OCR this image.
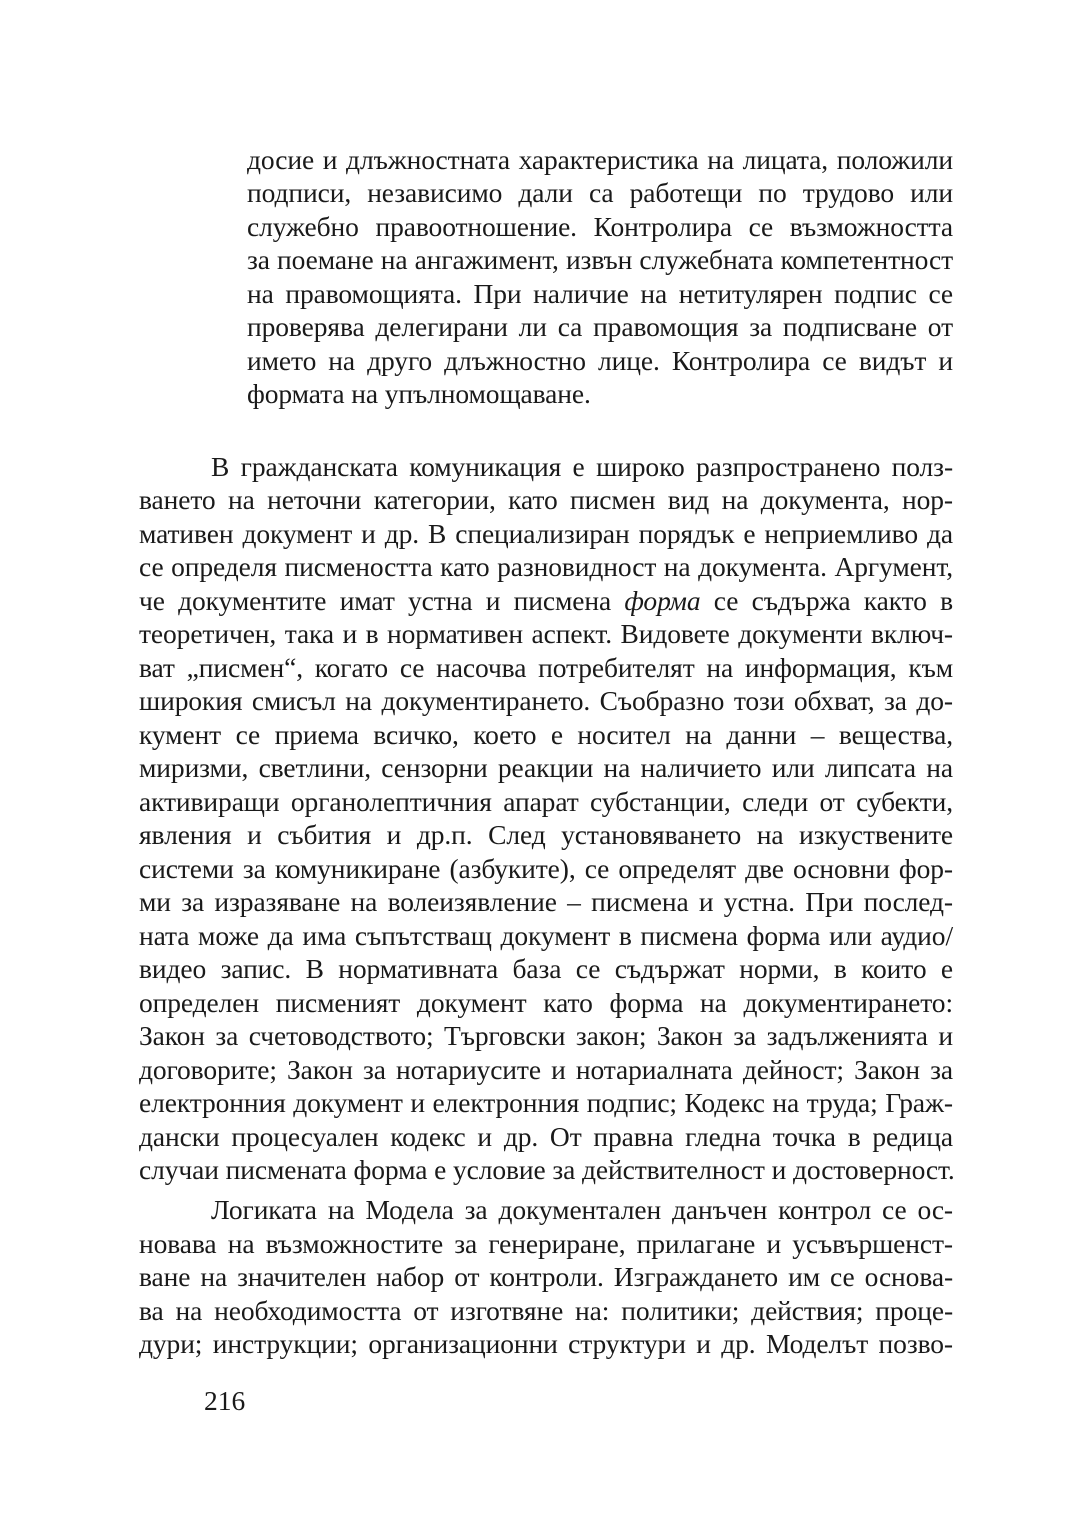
досие и длъжностната характеристика на лицата, положили
подписи, независимо дали са работещи по трудово или
служебно правоотношение. Контролира се възможността
за поемане на ангажимент, извън служебната компетентност
на правомощията. При наличие на нетитулярен подпис се
проверява делегирани ли са правомощия за подписване от
името на друго длъжностно лице. Контролира се видът и
формата на упълномощаване.
В гражданската комуникация е широко разпространено полз-
ването на неточни категории, като писмен вид на документа, нор-
мативен документ и др. В специализиран порядък е неприемливо да
се определя писмеността като разновидност на документа. Аргумент,
че документите имат устна и писмена форма се съдържа както в
теоретичен, така и в нормативен аспект. Видовете документи включ-
ват „писмен“, когато се насочва потребителят на информация, към
широкия смисъл на документирането. Съобразно този обхват, за до-
кумент се приема всичко, което е носител на данни – вещества,
миризми, светлини, сензорни реакции на наличието или липсата на
активиращи органолептичния апарат субстанции, следи от субекти,
явления и събития и др.п. След установяването на изкуствените
системи за комуникиране (азбуките), се определят две основни фор-
ми за изразяване на волеизявление – писмена и устна. При послед-
ната може да има съпътстващ документ в писмена форма или аудио/
видео запис. В нормативната база се съдържат норми, в които е
определен писменият документ като форма на документирането:
Закон за счетоводството; Търговски закон; Закон за задълженията и
договорите; Закон за нотариусите и нотариалната дейност; Закон за
електронния документ и електронния подпис; Кодекс на труда; Граж-
дански процесуален кодекс и др. От правна гледна точка в редица
случаи писмената форма е условие за действителност и достоверност.
Логиката на Модела за документален данъчен контрол се ос-
новава на възможностите за генериране, прилагане и усъвършенст-
ване на значителен набор от контроли. Изграждането им се основа-
ва на необходимостта от изготвяне на: политики; действия; проце-
дури; инструкции; организационни структури и др. Моделът позво-
216
